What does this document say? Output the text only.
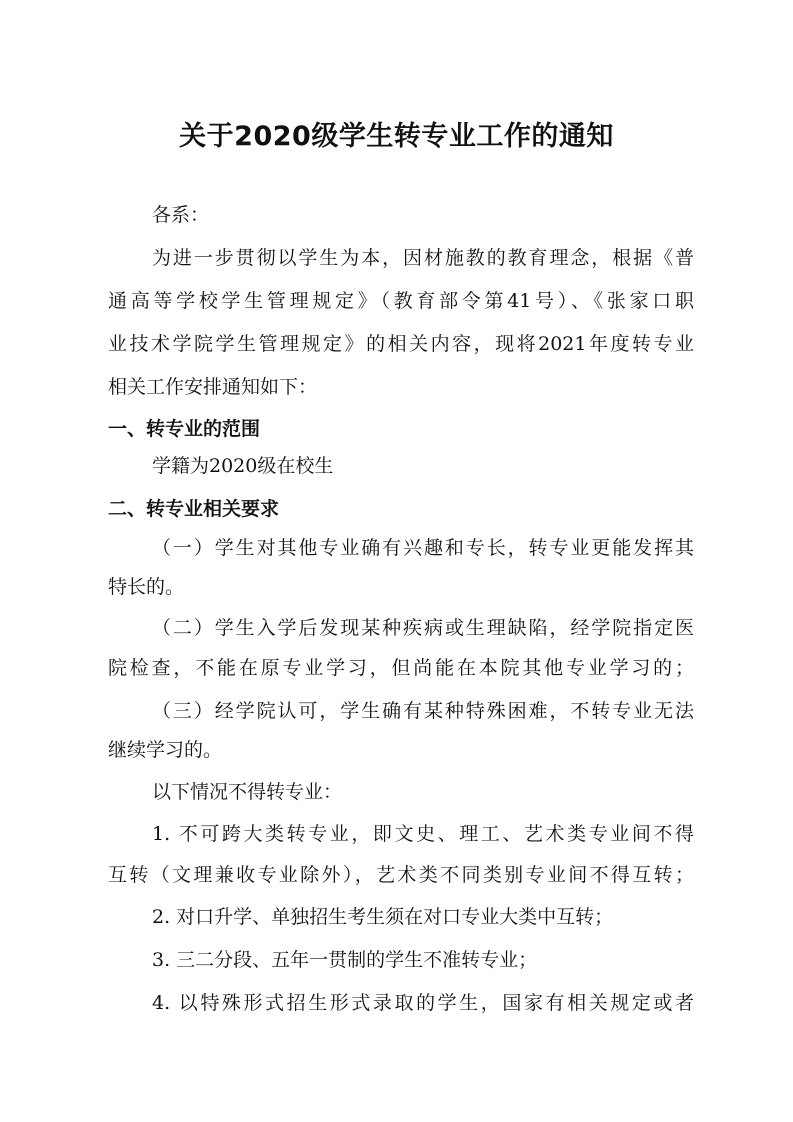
关于2020级学生转专业工作的通知
各系：
为进一步贯彻以学生为本，因材施教的教育理念，根据《普
通高等学校学生管理规定》（教育部令第41号）、《张家口职
业技术学院学生管理规定》的相关内容，现将2021年度转专业
相关工作安排通知如下：
一、转专业的范围
学籍为2020级在校生
二、转专业相关要求
（一）学生对其他专业确有兴趣和专长，转专业更能发挥其
特长的。
（二）学生入学后发现某种疾病或生理缺陷，经学院指定医
院检查，不能在原专业学习，但尚能在本院其他专业学习的；
（三）经学院认可，学生确有某种特殊困难，不转专业无法
继续学习的。
以下情况不得转专业：
1. 不可跨大类转专业，即文史、理工、艺术类专业间不得
互转（文理兼收专业除外），艺术类不同类别专业间不得互转；
2. 对口升学、单独招生考生须在对口专业大类中互转；
3. 三二分段、五年一贯制的学生不准转专业；
4. 以特殊形式招生形式录取的学生，国家有相关规定或者
